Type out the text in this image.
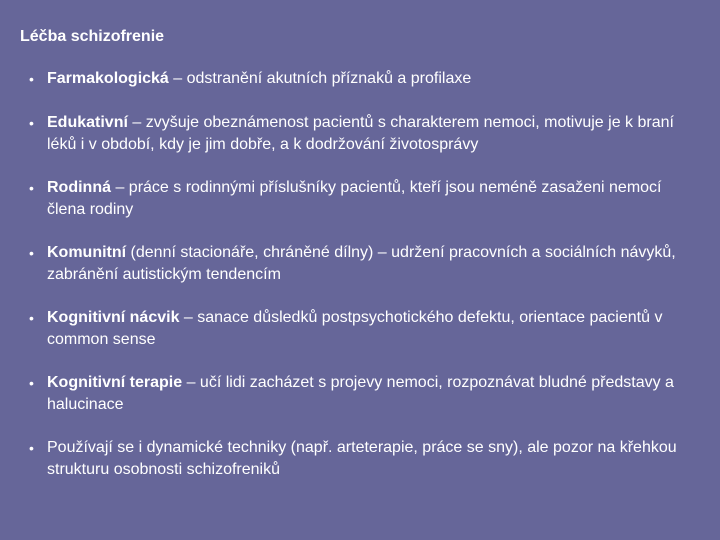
Léčba schizofrenie
• Farmakologická – odstranění akutních příznaků a profilaxe
• Edukativní – zvyšuje obeznámenost pacientů s charakterem nemoci, motivuje je k braní léků i v období, kdy je jim dobře, a k dodržování životosprávy
• Rodinná – práce s rodinnými příslušníky pacientů, kteří jsou neméně zasaženi nemocí člena rodiny
• Komunitní (denní stacionáře, chráněné dílny) – udržení pracovních a sociálních návyků, zabránění autistickým tendencím
• Kognitivní nácvik – sanace důsledků postpsychotického defektu, orientace pacientů v common sense
• Kognitivní terapie – učí lidi zacházet s projevy nemoci, rozpoznávat bludné představy a halucinace
• Používají se i dynamické techniky (např. arteterapie, práce se sny), ale pozor na křehkou strukturu osobnosti schizofreniků
